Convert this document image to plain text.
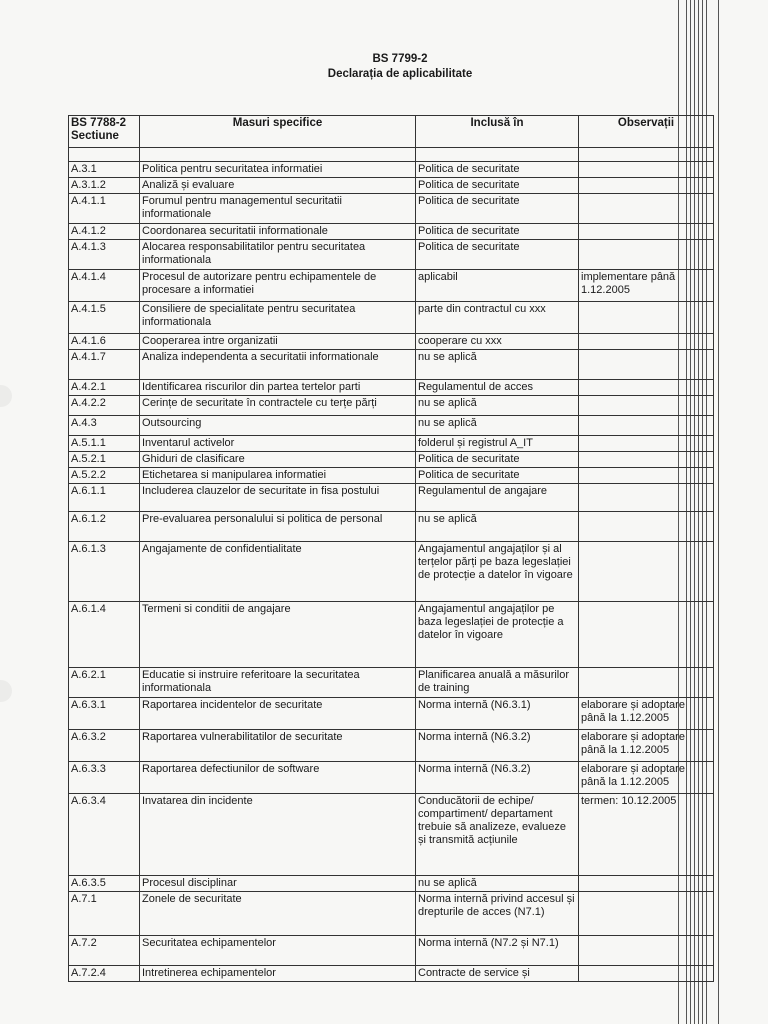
BS 7799-2
Declarația de aplicabilitate
BS 7788-2 Sectiune	Masuri specifice	Inclusă în	Observații

A.3.1	Politica pentru securitatea informatiei	Politica de securitate	
A.3.1.2	Analiză și evaluare	Politica de securitate	
A.4.1.1	Forumul pentru managementul securitatii informationale	Politica de securitate	
A.4.1.2	Coordonarea securitatii informationale	Politica de securitate	
A.4.1.3	Alocarea responsabilitatilor pentru securitatea informationala	Politica de securitate	
A.4.1.4	Procesul de autorizare pentru echipamentele de procesare a informatiei	aplicabil	implementare până 1.12.2005
A.4.1.5	Consiliere de specialitate pentru securitatea informationala	parte din contractul cu xxx	
A.4.1.6	Cooperarea intre organizatii	cooperare cu xxx	
A.4.1.7	Analiza independenta a securitatii informationale	nu se aplică	
A.4.2.1	Identificarea riscurilor din partea tertelor parti	Regulamentul de acces	
A.4.2.2	Cerințe de securitate în contractele cu terțe părți	nu se aplică	
A.4.3	Outsourcing	nu se aplică	
A.5.1.1	Inventarul activelor	folderul și registrul A_IT	
A.5.2.1	Ghiduri de clasificare	Politica de securitate	
A.5.2.2	Etichetarea si manipularea informatiei	Politica de securitate	
A.6.1.1	Includerea clauzelor de securitate in fisa postului	Regulamentul de angajare	
A.6.1.2	Pre-evaluarea personalului si politica de personal	nu se aplică	
A.6.1.3	Angajamente de confidentialitate	Angajamentul angajaților și al terțelor părți pe baza legeslației de protecție a datelor în vigoare	
A.6.1.4	Termeni si conditii de angajare	Angajamentul angajaților pe baza legeslației de protecție a datelor în vigoare	
A.6.2.1	Educatie si instruire referitoare la securitatea informationala	Planificarea anuală a măsurilor de training	
A.6.3.1	Raportarea incidentelor de securitate	Norma internă (N6.3.1)	elaborare și adoptare până la 1.12.2005
A.6.3.2	Raportarea vulnerabilitatilor de securitate	Norma internă (N6.3.2)	elaborare și adoptare până la 1.12.2005
A.6.3.3	Raportarea defectiunilor de software	Norma internă (N6.3.2)	elaborare și adoptare până la 1.12.2005
A.6.3.4	Invatarea din incidente	Conducătorii de echipe/ compartiment/ departament trebuie să analizeze, evalueze și transmită acțiunile	termen: 10.12.2005
A.6.3.5	Procesul disciplinar	nu se aplică	
A.7.1	Zonele de securitate	Norma internă privind accesul și drepturile de acces (N7.1)	
A.7.2	Securitatea echipamentelor	Norma internă (N7.2 și N7.1)	
A.7.2.4	Intretinerea echipamentelor	Contracte de service și	
